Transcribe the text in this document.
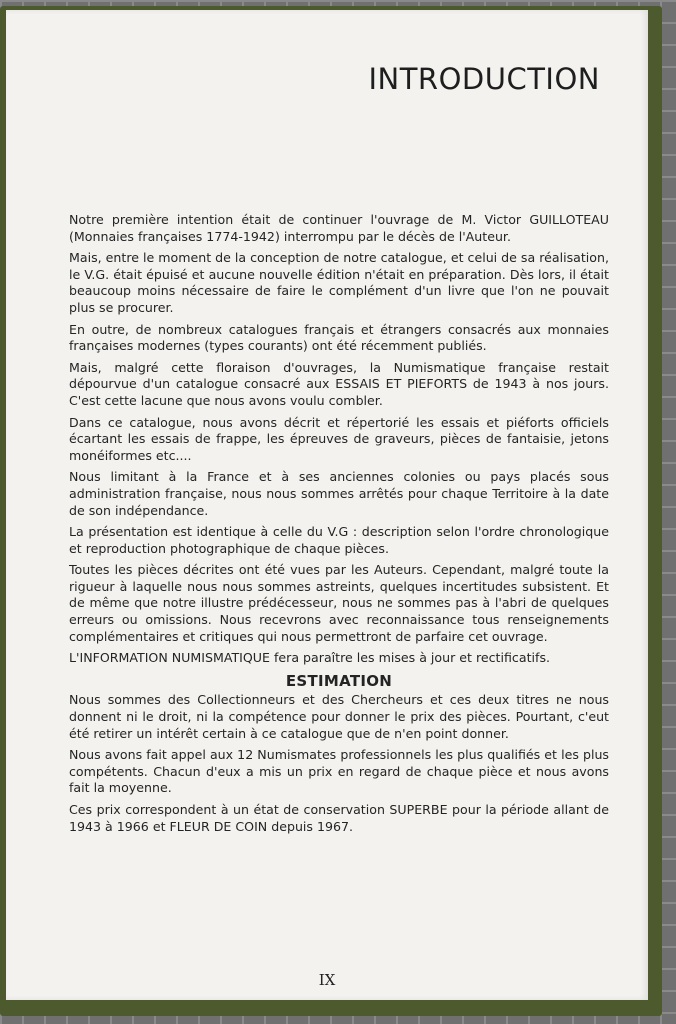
INTRODUCTION

Notre première intention était de continuer l'ouvrage de M. Victor GUILLOTEAU (Monnaies françaises 1774-1942) interrompu par le décès de l'Auteur.

Mais, entre le moment de la conception de notre catalogue, et celui de sa réalisation, le V.G. était épuisé et aucune nouvelle édition n'était en préparation. Dès lors, il était beaucoup moins nécessaire de faire le complément d'un livre que l'on ne pouvait plus se procurer.

En outre, de nombreux catalogues français et étrangers consacrés aux monnaies françaises modernes (types courants) ont été récemment publiés.

Mais, malgré cette floraison d'ouvrages, la Numismatique française restait dépourvue d'un catalogue consacré aux ESSAIS ET PIEFORTS de 1943 à nos jours. C'est cette lacune que nous avons voulu combler.

Dans ce catalogue, nous avons décrit et répertorié les essais et piéforts officiels écartant les essais de frappe, les épreuves de graveurs, pièces de fantaisie, jetons monéiformes etc....

Nous limitant à la France et à ses anciennes colonies ou pays placés sous administration française, nous nous sommes arrêtés pour chaque Territoire à la date de son indépendance.

La présentation est identique à celle du V.G : description selon l'ordre chronologique et reproduction photographique de chaque pièces.

Toutes les pièces décrites ont été vues par les Auteurs. Cependant, malgré toute la rigueur à laquelle nous nous sommes astreints, quelques incertitudes subsistent. Et de même que notre illustre prédécesseur, nous ne sommes pas à l'abri de quelques erreurs ou omissions. Nous recevrons avec reconnaissance tous renseignements complémentaires et critiques qui nous permettront de parfaire cet ouvrage.

L'INFORMATION NUMISMATIQUE fera paraître les mises à jour et rectificatifs.

ESTIMATION

Nous sommes des Collectionneurs et des Chercheurs et ces deux titres ne nous donnent ni le droit, ni la compétence pour donner le prix des pièces. Pourtant, c'eut été retirer un intérêt certain à ce catalogue que de n'en point donner.

Nous avons fait appel aux 12 Numismates professionnels les plus qualifiés et les plus compétents. Chacun d'eux a mis un prix en regard de chaque pièce et nous avons fait la moyenne.

Ces prix correspondent à un état de conservation SUPERBE pour la période allant de 1943 à 1966 et FLEUR DE COIN depuis 1967.

IX
